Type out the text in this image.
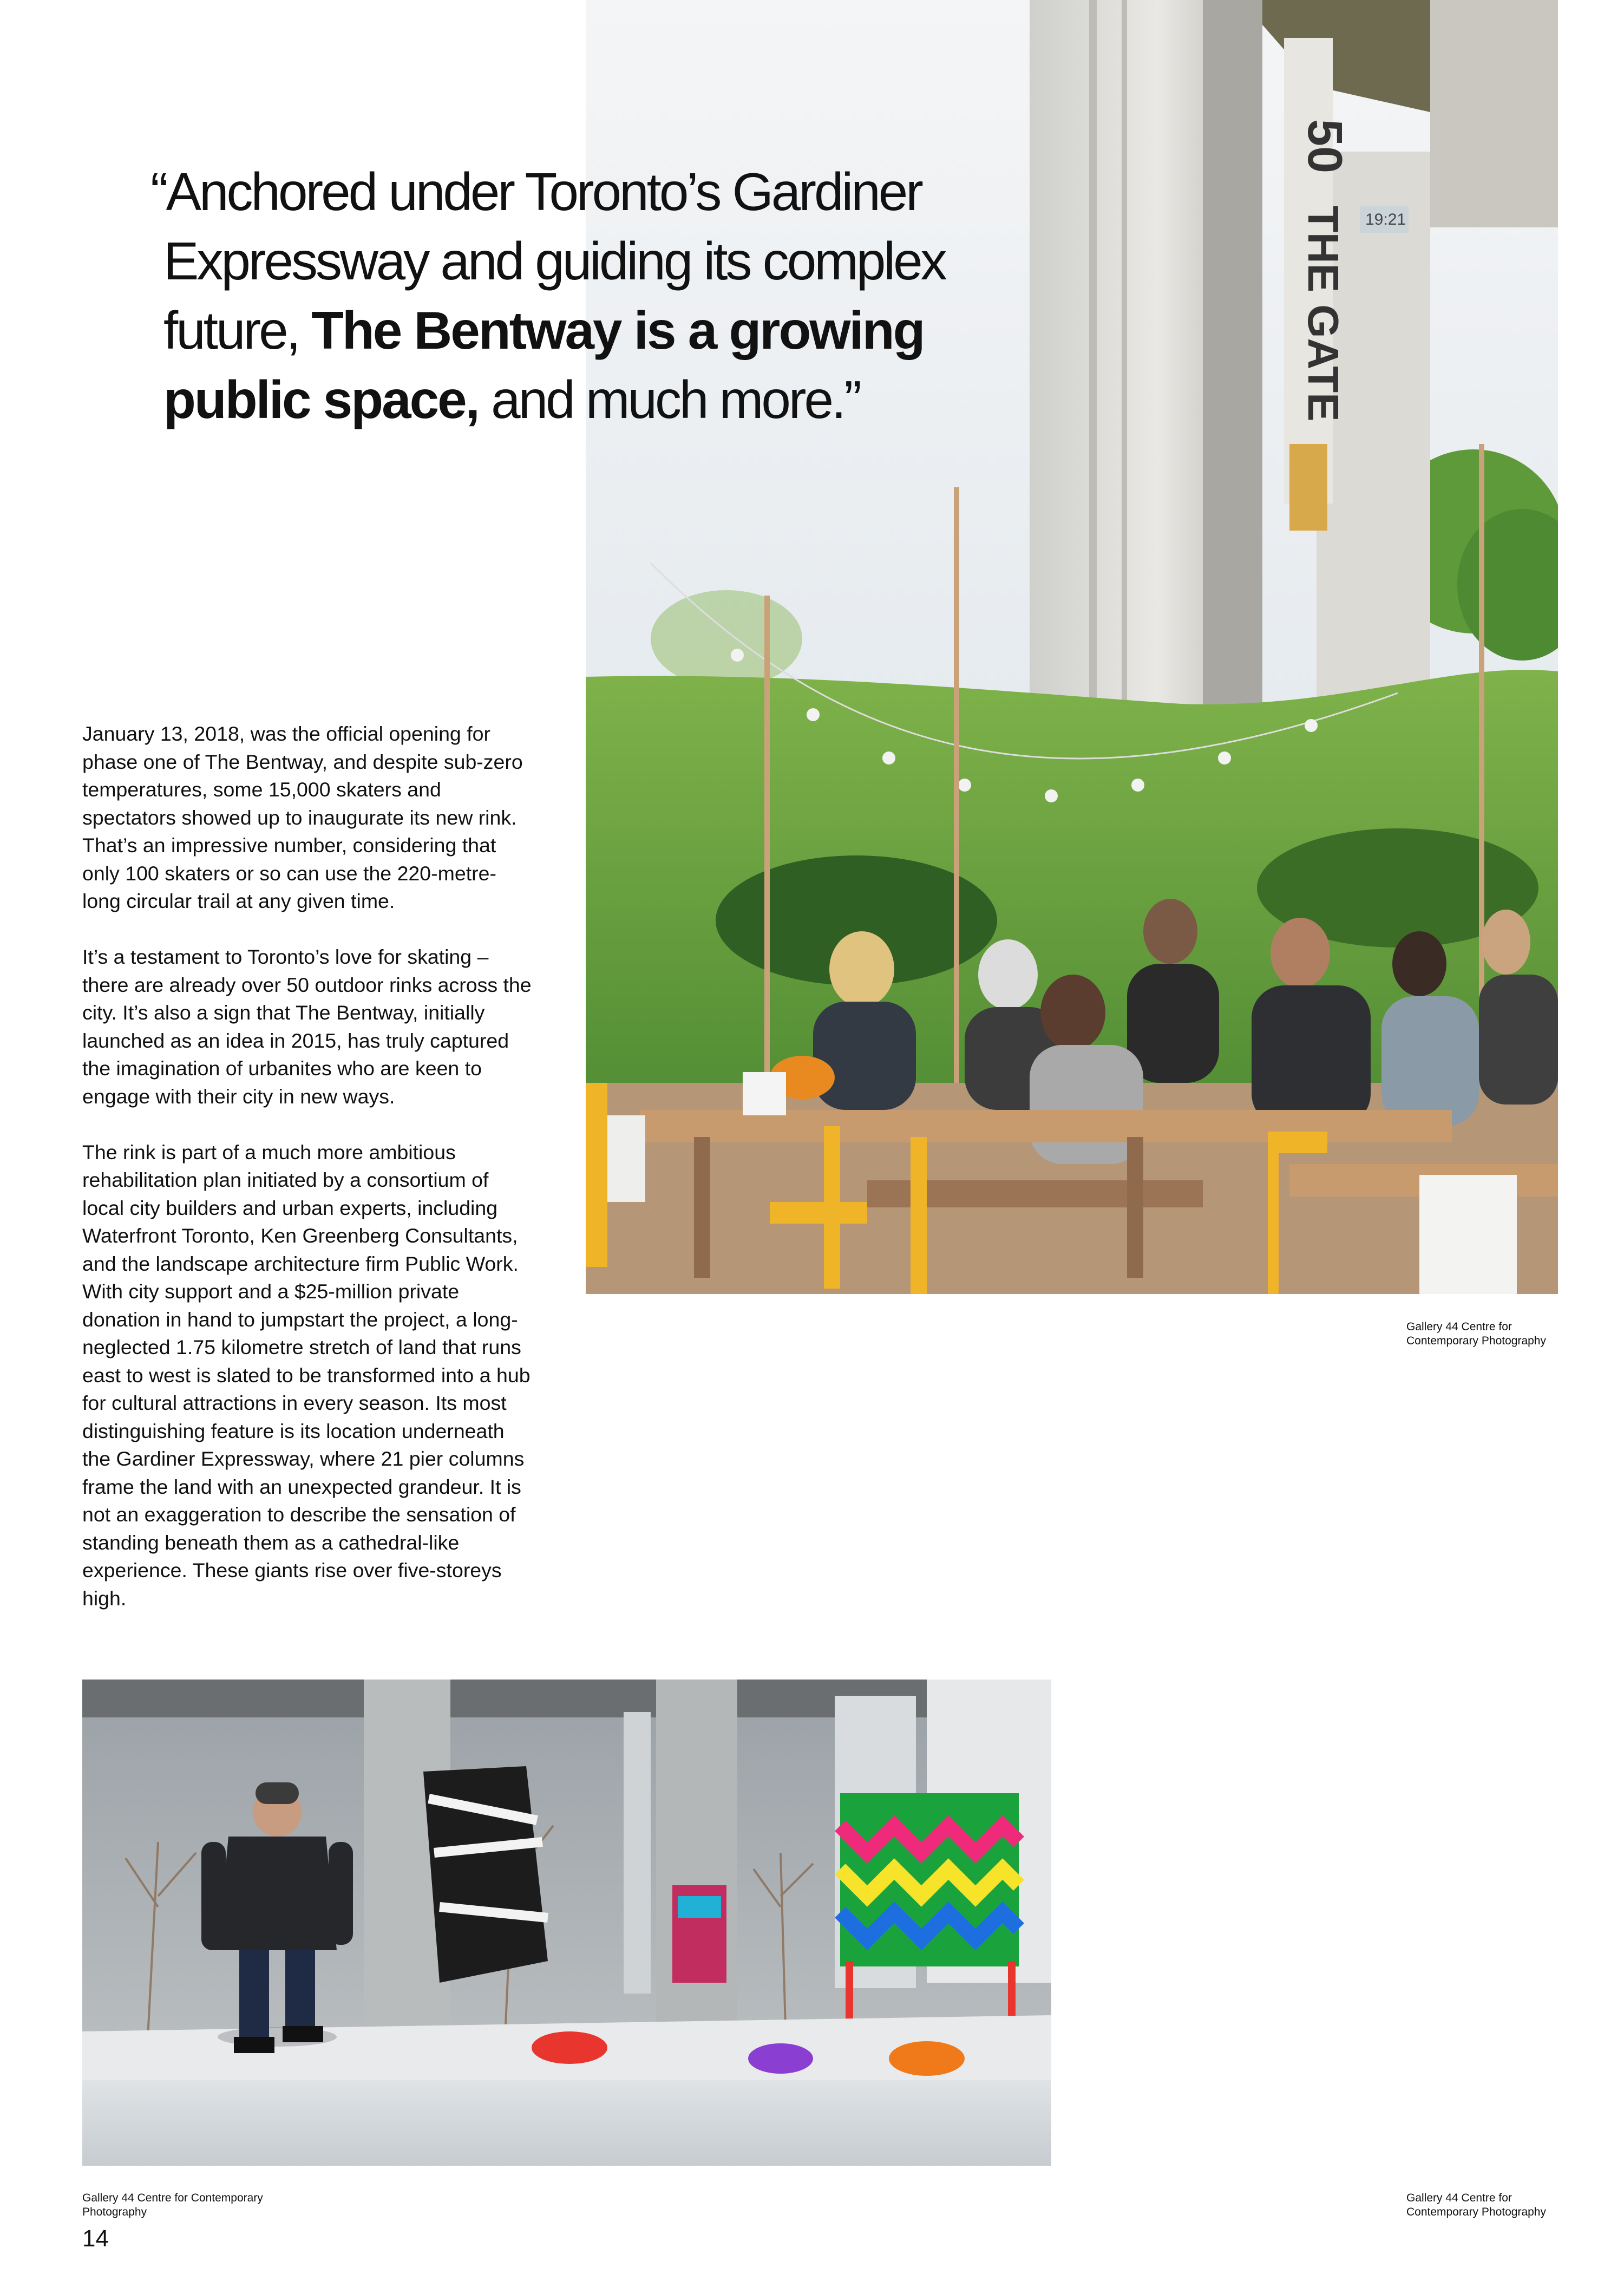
50
THE GATE 19:21
“Anchored under Toronto’s Gardiner
Expressway and guiding its complex
future, The Bentway is a growing
public space, and much more.”

January 13, 2018, was the official opening for phase one of The Bentway, and despite sub-zero temperatures, some 15,000 skaters and spectators showed up to inaugurate its new rink. That’s an impressive number, considering that only 100 skaters or so can use the 220-metre-long circular trail at any given time.

It’s a testament to Toronto’s love for skating – there are already over 50 outdoor rinks across the city. It’s also a sign that The Bentway, initially launched as an idea in 2015, has truly captured the imagination of urbanites who are keen to engage with their city in new ways.

The rink is part of a much more ambitious rehabilitation plan initiated by a consortium of local city builders and urban experts, including Waterfront Toronto, Ken Greenberg Consultants, and the landscape architecture firm Public Work. With city support and a $25-million private donation in hand to jumpstart the project, a long-neglected 1.75 kilometre stretch of land that runs east to west is slated to be transformed into a hub for cultural attractions in every season. Its most distinguishing feature is its location underneath the Gardiner Expressway, where 21 pier columns frame the land with an unexpected grandeur. It is not an exaggeration to describe the sensation of standing beneath them as a cathedral-like experience. These giants rise over five-storeys high.

Gallery 44 Centre for Contemporary Photography
Gallery 44 Centre for Contemporary Photography
Gallery 44 Centre for Contemporary Photography
14
